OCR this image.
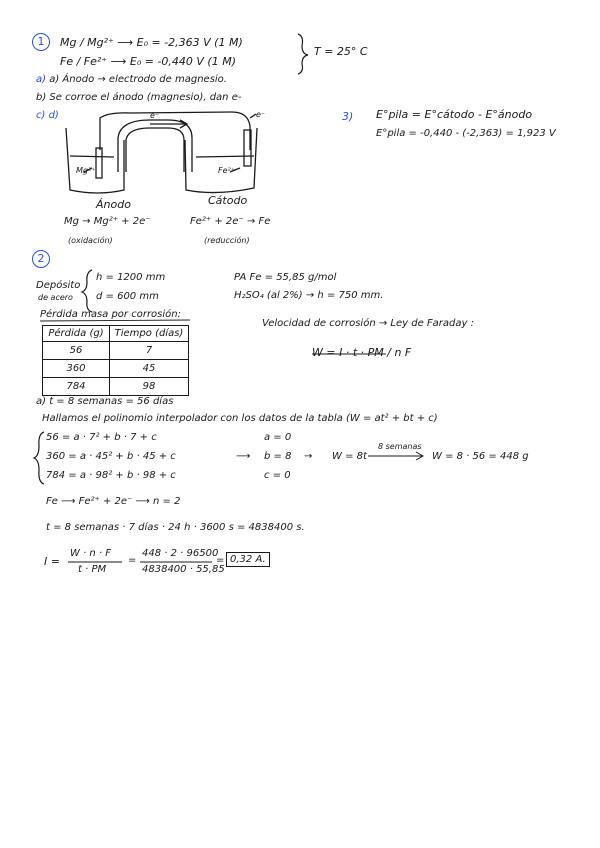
1	Mg / Mg²⁺ ⟶ E₀ = -2,363 V (1 M)
Fe / Fe²⁺ ⟶ E₀ = -0,440 V (1 M)
T = 25° C
a) a) Ánodo → electrodo de magnesio.
b) Se corroe el ánodo (magnesio), dan e-
c) d)	3) E°pila = E°cátodo - E°ánodo
E°pila = -0,440 - (-2,363) = 1,923 V
e⁻	e⁻
Mg²⁺	Fe²⁺
Ánodo	Cátodo
Mg → Mg²⁺ + 2e⁻	Fe²⁺ + 2e⁻ → Fe
(oxidación)	(reducción)
2
Depósito
de acero
h = 1200 mm
d = 600 mm
PA Fe = 55,85 g/mol
H₂SO₄ (al 2%) → h = 750 mm.
Pérdida masa por corrosión:
Velocidad de corrosión → Ley de Faraday :
W = I · t · PM / n F
Pérdida (g)	Tiempo (días)
56	7
360	45
784	98
a) t = 8 semanas = 56 días
Hallamos el polinomio interpolador con los datos de la tabla (W = at² + bt + c)
56 = a · 7² + b · 7 + c
360 = a · 45² + b · 45 + c
784 = a · 98² + b · 98 + c
⟶
a = 0
b = 8
c = 0
→ W = 8t
8 semanas
W = 8 · 56 = 448 g
Fe ⟶ Fe²⁺ + 2e⁻ ⟶ n = 2
t = 8 semanas · 7 días · 24 h · 3600 s = 4838400 s.
I =
W · n · F
t · PM
=
448 · 2 · 96500
4838400 · 55,85
= 0,32 A.
